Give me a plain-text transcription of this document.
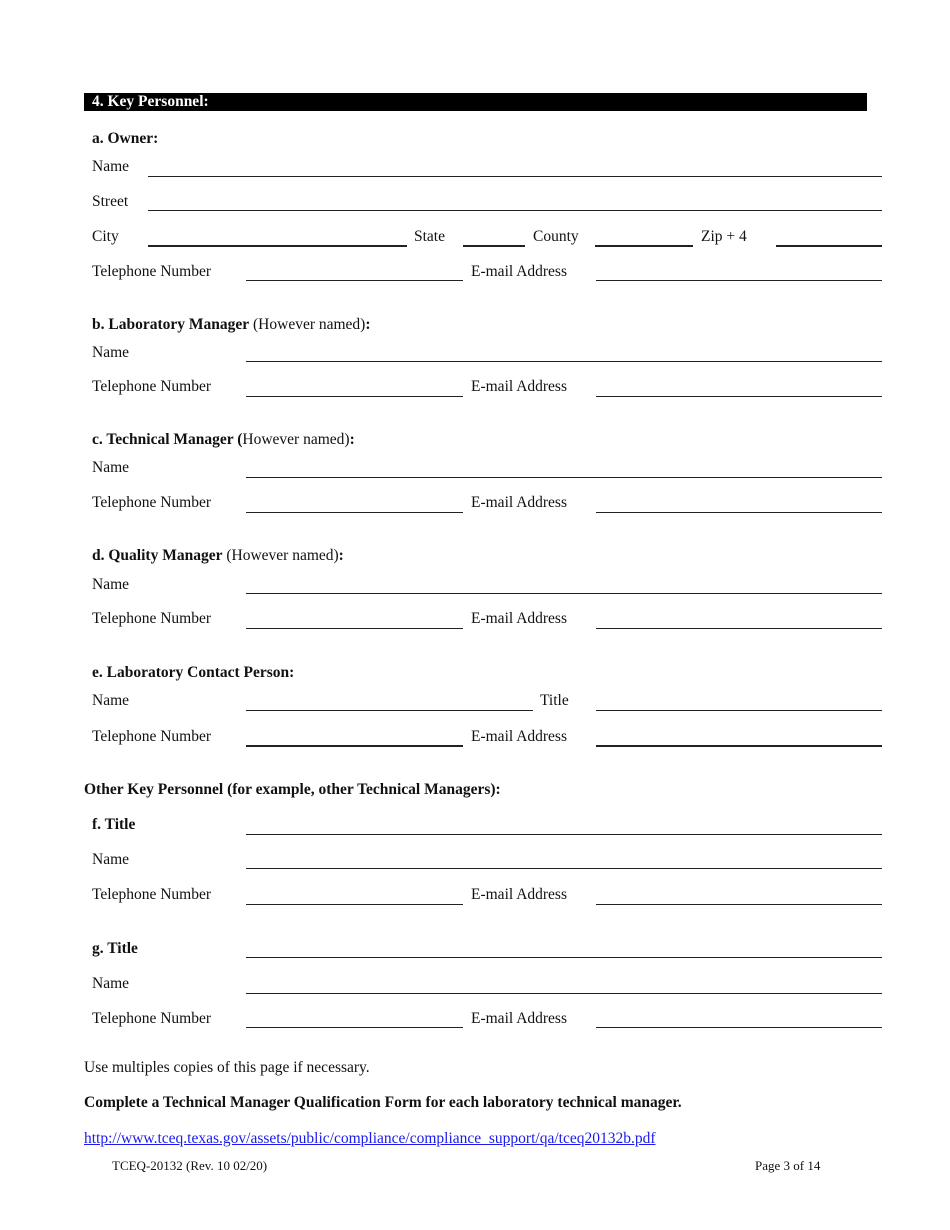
4. Key Personnel:
a. Owner:
Name
Street
City	State	County	Zip + 4
Telephone Number	E-mail Address
b. Laboratory Manager (However named):
Name
Telephone Number	E-mail Address
c. Technical Manager (However named):
Name
Telephone Number	E-mail Address
d. Quality Manager (However named):
Name
Telephone Number	E-mail Address
e. Laboratory Contact Person:
Name	Title
Telephone Number	E-mail Address
Other Key Personnel (for example, other Technical Managers):
f. Title
Name
Telephone Number	E-mail Address
g. Title
Name
Telephone Number	E-mail Address
Use multiples copies of this page if necessary.
Complete a Technical Manager Qualification Form for each laboratory technical manager.
http://www.tceq.texas.gov/assets/public/compliance/compliance_support/qa/tceq20132b.pdf
TCEQ-20132 (Rev. 10 02/20)	Page 3 of 14
